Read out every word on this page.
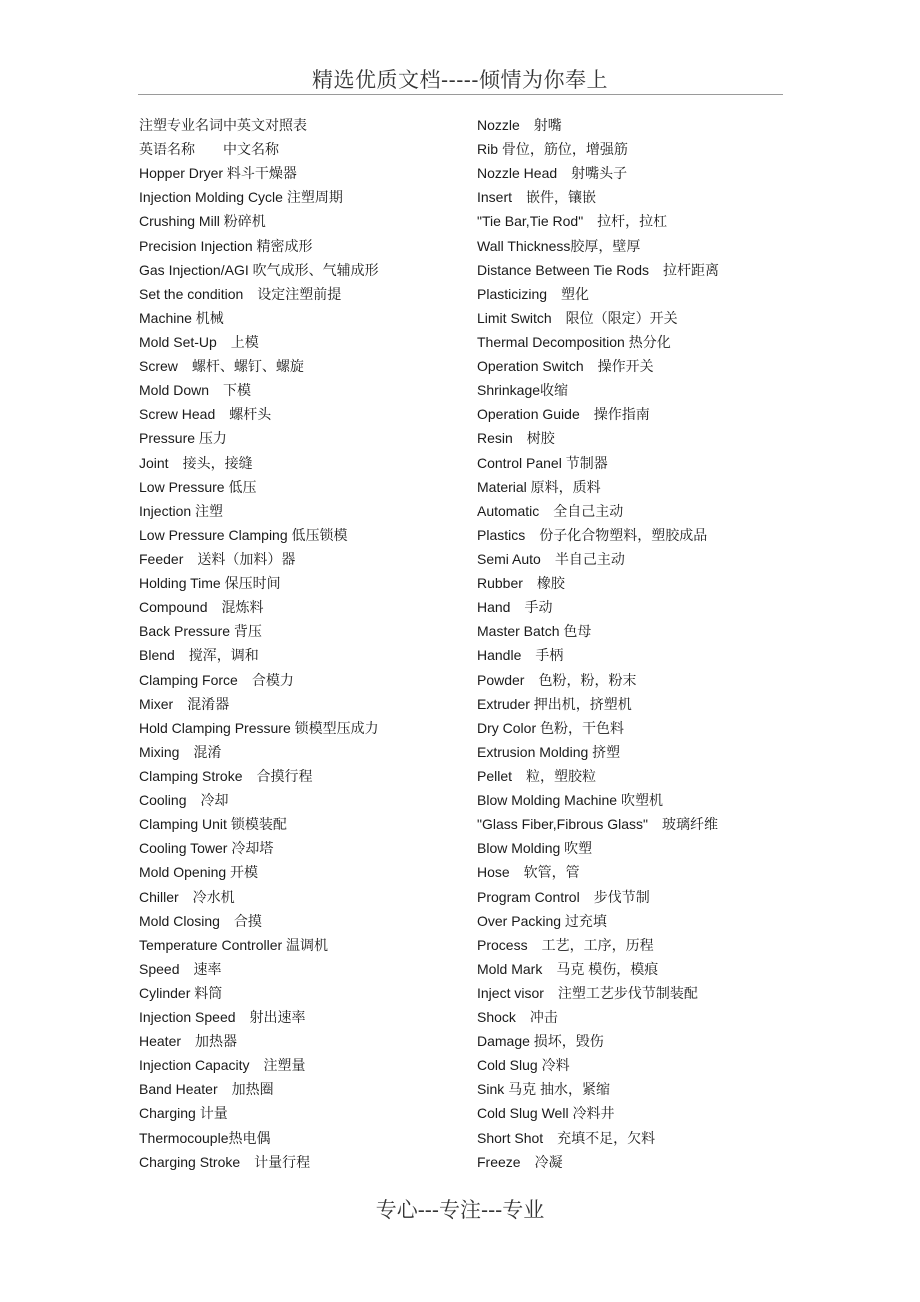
精选优质文档-----倾情为你奉上
注塑专业名词中英文对照表
英语名称　　中文名称
Hopper Dryer 料斗干燥器
Injection Molding Cycle 注塑周期
Crushing Mill 粉碎机
Precision Injection 精密成形
Gas Injection/AGI 吹气成形、气辅成形
Set the condition　设定注塑前提
Machine 机械
Mold Set-Up　上模
Screw　螺杆、螺钉、螺旋
Mold Down　下模
Screw Head　螺杆头
Pressure 压力
Joint　接头，接缝
Low Pressure 低压
Injection 注塑
Low Pressure Clamping 低压锁模
Feeder　送料（加料）器
Holding Time 保压时间
Compound　混炼料
Back Pressure 背压
Blend　搅浑，调和
Clamping Force　合模力
Mixer　混淆器
Hold Clamping Pressure 锁模型压成力
Mixing　混淆
Clamping Stroke　合摸行程
Cooling　冷却
Clamping Unit 锁模装配
Cooling Tower 冷却塔
Mold Opening 开模
Chiller　冷水机
Mold Closing　合摸
Temperature Controller 温调机
Speed　速率
Cylinder 料筒
Injection Speed　射出速率
Heater　加热器
Injection Capacity　注塑量
Band Heater　加热圈
Charging 计量
Thermocouple热电偶
Charging Stroke　计量行程
Nozzle　射嘴
Rib 骨位，筋位，增强筋
Nozzle Head　射嘴头子
Insert　嵌件，镶嵌
"Tie Bar,Tie Rod"　拉杆，拉杠
Wall Thickness胶厚，壁厚
Distance Between Tie Rods　拉杆距离
Plasticizing　塑化
Limit Switch　限位（限定）开关
Thermal Decomposition 热分化
Operation Switch　操作开关
Shrinkage收缩
Operation Guide　操作指南
Resin　树胶
Control Panel 节制器
Material 原料，质料
Automatic　全自己主动
Plastics　份子化合物塑料，塑胶成品
Semi Auto　半自己主动
Rubber　橡胶
Hand　手动
Master Batch 色母
Handle　手柄
Powder　色粉，粉，粉末
Extruder 押出机，挤塑机
Dry Color 色粉，干色料
Extrusion Molding 挤塑
Pellet　粒，塑胶粒
Blow Molding Machine 吹塑机
"Glass Fiber,Fibrous Glass"　玻璃纤维
Blow Molding 吹塑
Hose　软管，管
Program Control　步伐节制
Over Packing 过充填
Process　工艺，工序，历程
Mold Mark　马克 模伤，模痕
Inject visor　注塑工艺步伐节制装配
Shock　冲击
Damage 损坏，毁伤
Cold Slug 冷料
Sink 马克 抽水，紧缩
Cold Slug Well 冷料井
Short Shot　充填不足，欠料
Freeze　冷凝
专心---专注---专业
